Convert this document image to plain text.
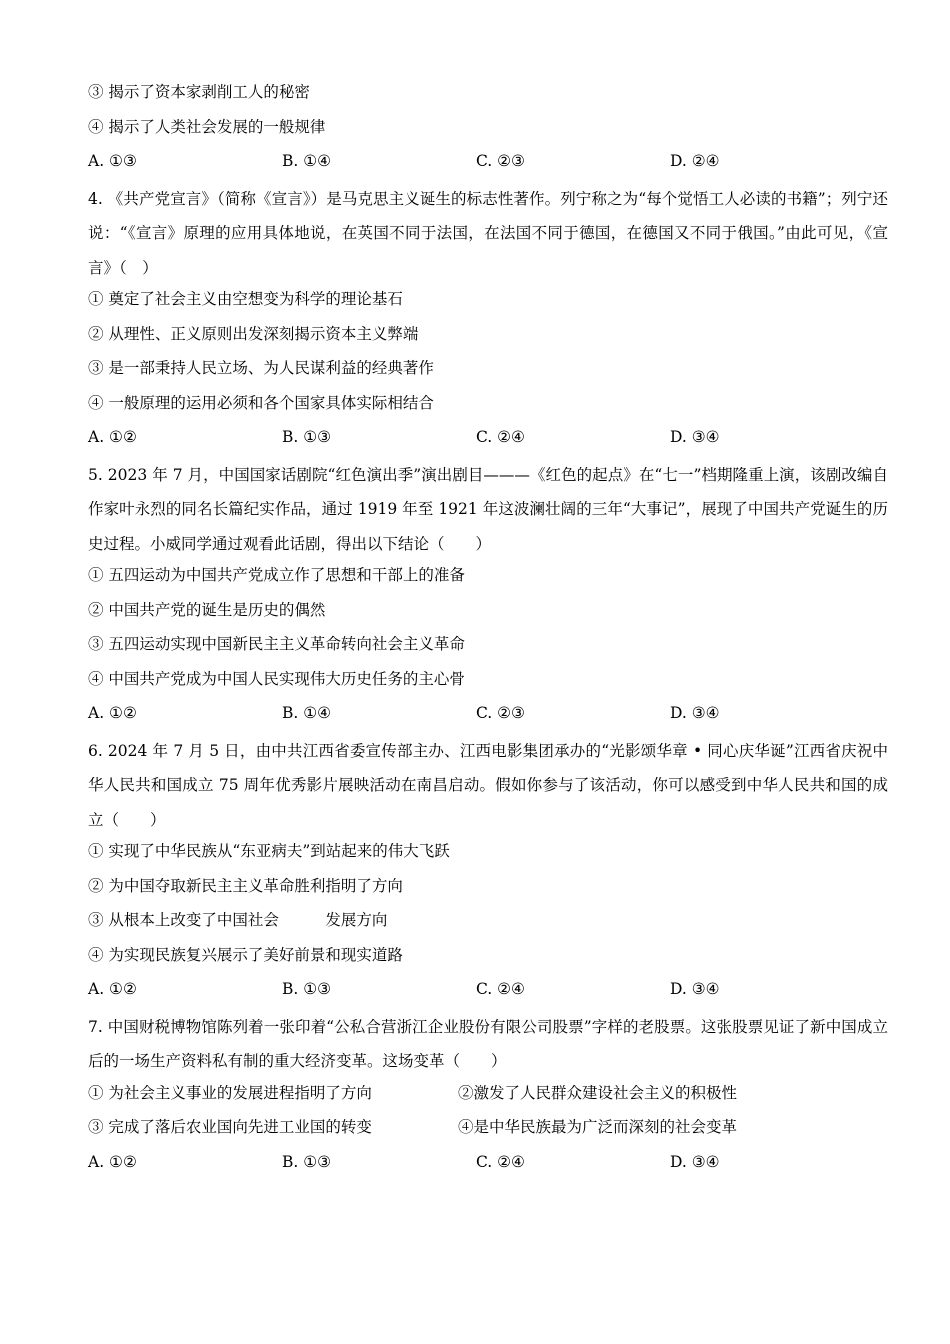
③ 揭示了资本家剥削工人的秘密
④ 揭示了人类社会发展的一般规律
A. ①③	B. ①④	C. ②③	D. ②④
4. 《共产党宣言》（简称《宣言》）是马克思主义诞生的标志性著作。列宁称之为“每个觉悟工人必读的书籍”；列宁还说：“《宣言》原理的应用具体地说，在英国不同于法国，在法国不同于德国，在德国又不同于俄国。”由此可见，《宣言》（　）
① 奠定了社会主义由空想变为科学的理论基石
② 从理性、正义原则出发深刻揭示资本主义弊端
③ 是一部秉持人民立场、为人民谋利益的经典著作
④ 一般原理的运用必须和各个国家具体实际相结合
A. ①②	B. ①③	C. ②④	D. ③④
5. 2023 年 7 月，中国国家话剧院“红色演出季”演出剧目———《红色的起点》在“七一”档期隆重上演，该剧改编自作家叶永烈的同名长篇纪实作品，通过 1919 年至 1921 年这波澜壮阔的三年“大事记”，展现了中国共产党诞生的历史过程。小威同学通过观看此话剧，得出以下结论（　　）
① 五四运动为中国共产党成立作了思想和干部上的准备
② 中国共产党的诞生是历史的偶然
③ 五四运动实现中国新民主主义革命转向社会主义革命
④ 中国共产党成为中国人民实现伟大历史任务的主心骨
A. ①②	B. ①④	C. ②③	D. ③④
6. 2024 年 7 月 5 日，由中共江西省委宣传部主办、江西电影集团承办的“光影颂华章 • 同心庆华诞”江西省庆祝中华人民共和国成立 75 周年优秀影片展映活动在南昌启动。假如你参与了该活动，你可以感受到中华人民共和国的成立（　　）
① 实现了中华民族从“东亚病夫”到站起来的伟大飞跃
② 为中国夺取新民主主义革命胜利指明了方向
③ 从根本上改变了中国社会　　　发展方向
④ 为实现民族复兴展示了美好前景和现实道路
A. ①②	B. ①③	C. ②④	D. ③④
7. 中国财税博物馆陈列着一张印着“公私合营浙江企业股份有限公司股票”字样的老股票。这张股票见证了新中国成立后的一场生产资料私有制的重大经济变革。这场变革（　　）
① 为社会主义事业的发展进程指明了方向	②激发了人民群众建设社会主义的积极性
③ 完成了落后农业国向先进工业国的转变	④是中华民族最为广泛而深刻的社会变革
A. ①②	B. ①③	C. ②④	D. ③④
